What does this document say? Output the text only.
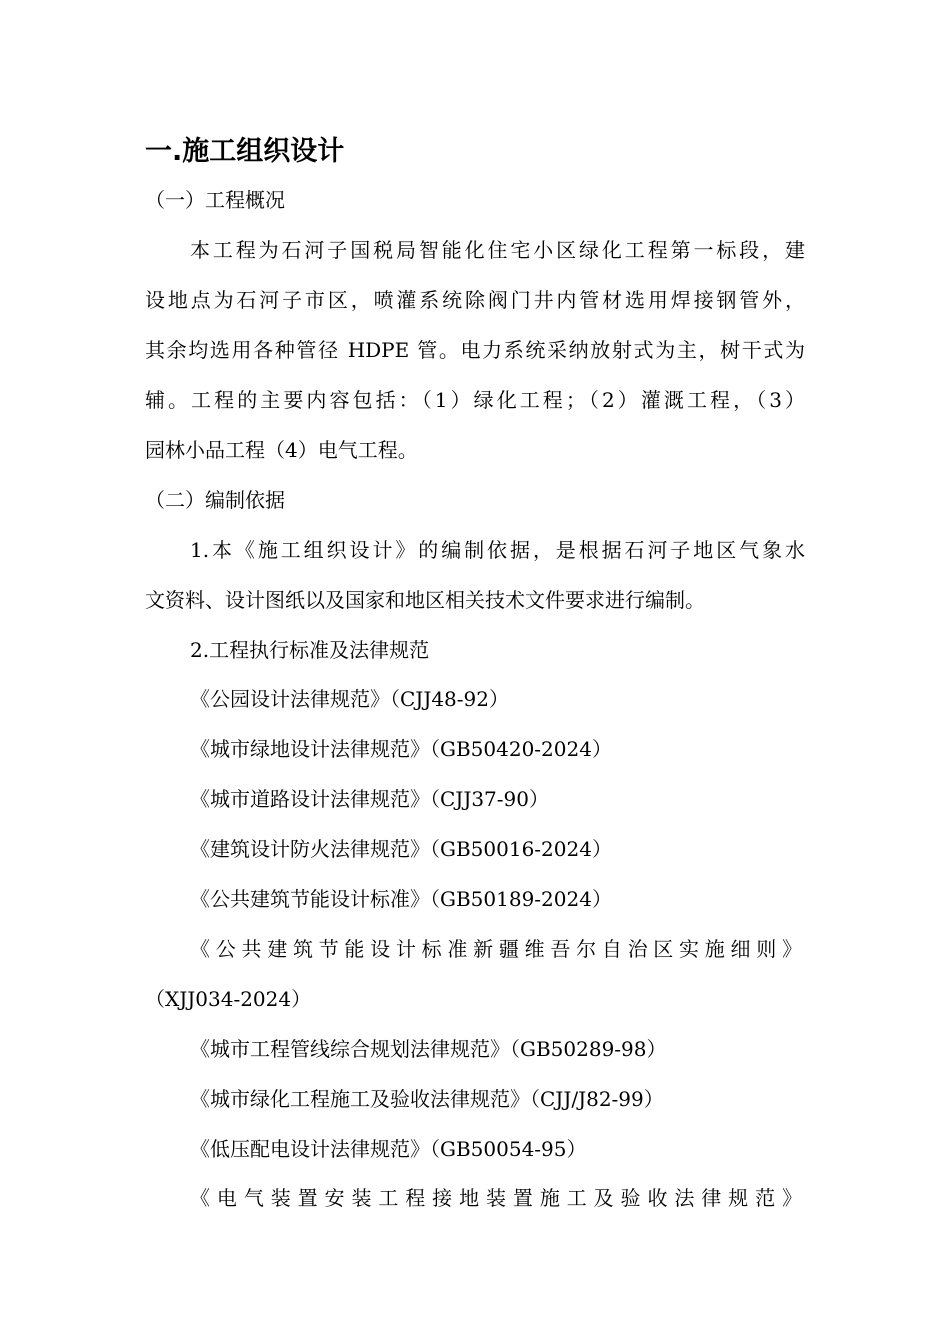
一.施工组织设计
（一）工程概况
本工程为石河子国税局智能化住宅小区绿化工程第一标段，建
设地点为石河子市区，喷灌系统除阀门井内管材选用焊接钢管外，
其余均选用各种管径 HDPE 管。电力系统采纳放射式为主，树干式为
辅。工程的主要内容包括：（1）绿化工程；（2）灌溉工程，（3）
园林小品工程（4）电气工程。
（二）编制依据
1.本《施工组织设计》的编制依据，是根据石河子地区气象水
文资料、设计图纸以及国家和地区相关技术文件要求进行编制。
2.工程执行标准及法律规范
《公园设计法律规范》（CJJ48-92）
《城市绿地设计法律规范》（GB50420-2024）
《城市道路设计法律规范》（CJJ37-90）
《建筑设计防火法律规范》（GB50016-2024）
《公共建筑节能设计标准》（GB50189-2024）
《公共建筑节能设计标准新疆维吾尔自治区实施细则》
（XJJ034-2024）
《城市工程管线综合规划法律规范》（GB50289-98）
《城市绿化工程施工及验收法律规范》（CJJ/J82-99）
《低压配电设计法律规范》（GB50054-95）
《电气装置安装工程接地装置施工及验收法律规范》
